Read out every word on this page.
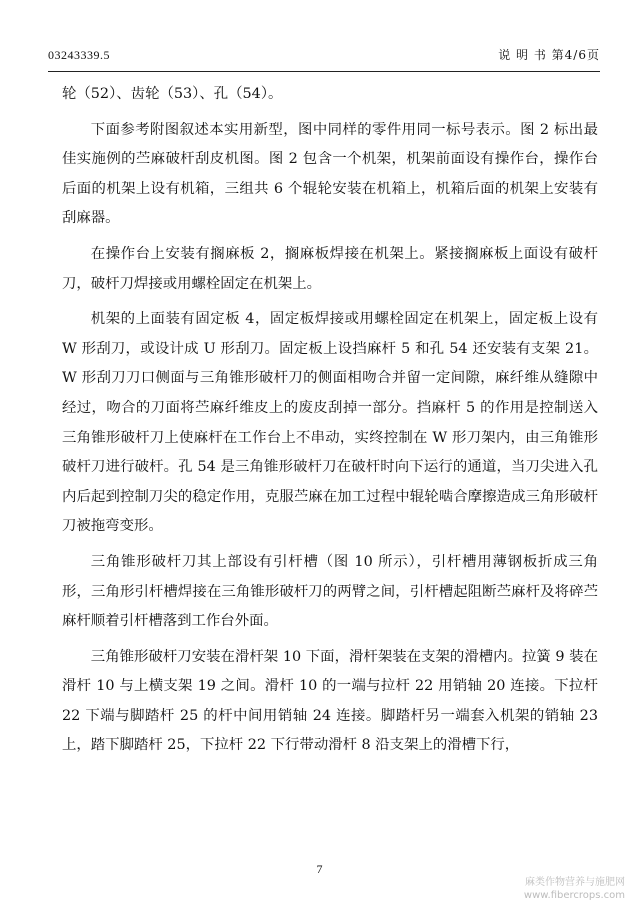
03243339.5	说 明 书 第4/6页

轮（52）、齿轮（53）、孔（54）。

下面参考附图叙述本实用新型，图中同样的零件用同一标号表示。图 2 标出最佳实施例的苎麻破杆刮皮机图。图 2 包含一个机架，机架前面设有操作台，操作台后面的机架上设有机箱，三组共 6 个辊轮安装在机箱上，机箱后面的机架上安装有刮麻器。

在操作台上安装有搁麻板 2，搁麻板焊接在机架上。紧接搁麻板上面设有破杆刀，破杆刀焊接或用螺栓固定在机架上。

机架的上面装有固定板 4，固定板焊接或用螺栓固定在机架上，固定板上设有 W 形刮刀，或设计成 U 形刮刀。固定板上设挡麻杆 5 和孔 54 还安装有支架 21。W 形刮刀刀口侧面与三角锥形破杆刀的侧面相吻合并留一定间隙，麻纤维从缝隙中经过，吻合的刀面将苎麻纤维皮上的废皮刮掉一部分。挡麻杆 5 的作用是控制送入三角锥形破杆刀上使麻杆在工作台上不串动，实终控制在 W 形刀架内，由三角锥形破杆刀进行破杆。孔 54 是三角锥形破杆刀在破杆时向下运行的通道，当刀尖进入孔内后起到控制刀尖的稳定作用，克服苎麻在加工过程中辊轮啮合摩擦造成三角形破杆刀被拖弯变形。

三角锥形破杆刀其上部设有引杆槽（图 10 所示），引杆槽用薄钢板折成三角形，三角形引杆槽焊接在三角锥形破杆刀的两臂之间，引杆槽起阻断苎麻杆及将碎苎麻杆顺着引杆槽落到工作台外面。

三角锥形破杆刀安装在滑杆架 10 下面，滑杆架装在支架的滑槽内。拉簧 9 装在滑杆 10 与上横支架 19 之间。滑杆 10 的一端与拉杆 22 用销轴 20 连接。下拉杆 22 下端与脚踏杆 25 的杆中间用销轴 24 连接。脚踏杆另一端套入机架的销轴 23 上，踏下脚踏杆 25，下拉杆 22 下行带动滑杆 8 沿支架上的滑槽下行，

7
麻类作物营养与施肥网
www.fibercrops.com
